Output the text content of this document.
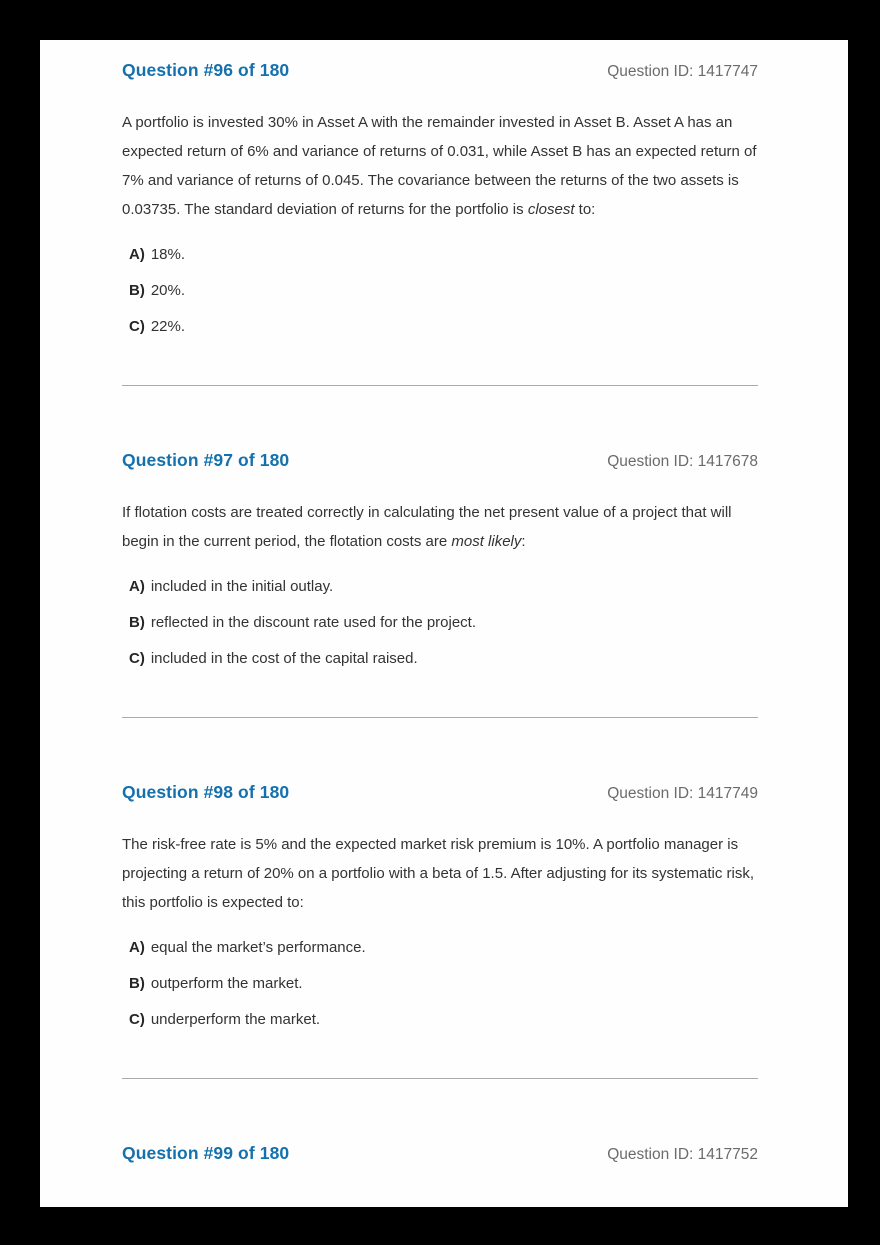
Question #96 of 180	Question ID: 1417747

A portfolio is invested 30% in Asset A with the remainder invested in Asset B. Asset A has an expected return of 6% and variance of returns of 0.031, while Asset B has an expected return of 7% and variance of returns of 0.045. The covariance between the returns of the two assets is 0.03735. The standard deviation of returns for the portfolio is closest to:

A) 18%.
B) 20%.
C) 22%.
Question #97 of 180	Question ID: 1417678

If flotation costs are treated correctly in calculating the net present value of a project that will begin in the current period, the flotation costs are most likely:

A) included in the initial outlay.
B) reflected in the discount rate used for the project.
C) included in the cost of the capital raised.
Question #98 of 180	Question ID: 1417749

The risk-free rate is 5% and the expected market risk premium is 10%. A portfolio manager is projecting a return of 20% on a portfolio with a beta of 1.5. After adjusting for its systematic risk, this portfolio is expected to:

A) equal the market’s performance.
B) outperform the market.
C) underperform the market.
Question #99 of 180	Question ID: 1417752
